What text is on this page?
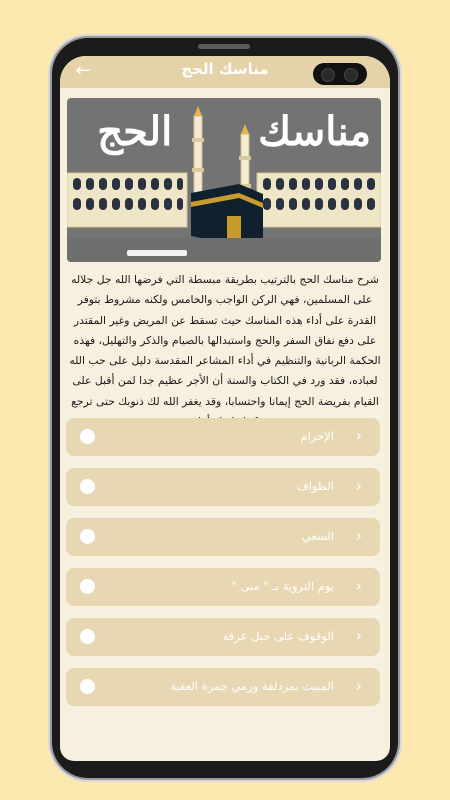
←	مناسك الحج
مناسك  الحج
شرح مناسك الحج بالترتيب بطريقة مبسطة التي فرضها الله جل جلاله على المسلمين، فهي الركن الواجب والخامس ولكنه مشروط بتوفر القدرة على أداء هذه المناسك حيث تسقط عن المريض وغير المقتدر على دفع نفاق السفر والحج واستبدالها بالصيام والذكر والتهليل، فهذه الحكمة الربانية والتنظيم في أداء المشاعر المقدسة دليل على حب الله لعباده، فقد ورد في الكتاب والسنة أن الأجر عظيم جدا لمن أقبل على القيام بفريضة الحج إيمانا واحتسابا، وقد يغفر الله لك ذنوبك حتى ترجع
›
الإحرام
›
الطواف
›
السعي
›
يوم التروية بـ " منى "
›
الوقوف على جبل عرفة
›
المبيت بمزدلفة ورمي جمرة العقبة
